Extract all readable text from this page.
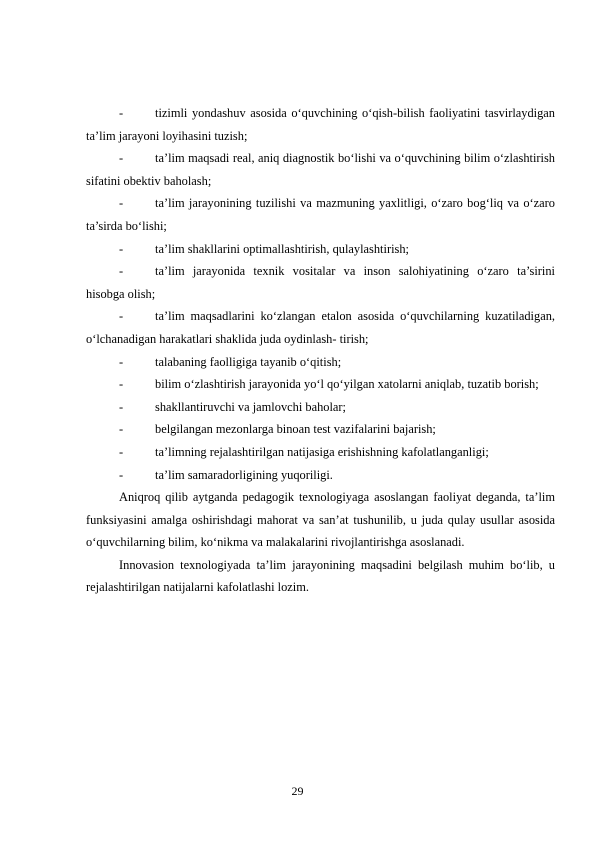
-	tizimli yondashuv asosida o‘quvchining o‘qish-bilish faoliyatini tasvirlaydigan ta’lim jarayoni loyihasini tuzish;

-	ta’lim maqsadi real, aniq diagnostik bo‘lishi va o‘quvchining bilim o‘zlashtirish sifatini obektiv baholash;

-	ta’lim jarayonining tuzilishi va mazmuning yaxlitligi, o‘zaro bog‘liq va o‘zaro ta’sirda bo‘lishi;

-	ta’lim shakllarini optimallashtirish, qulaylashtirish;

-	ta’lim jarayonida texnik vositalar va inson salohiyatining o‘zaro ta’sirini hisobga olish;

-	ta’lim maqsadlarini ko‘zlangan etalon asosida o‘quvchilarning kuzatiladigan, o‘lchanadigan harakatlari shaklida juda oydinlash- tirish;

-	talabaning faolligiga tayanib o‘qitish;

-	bilim o‘zlashtirish jarayonida yo‘l qo‘yilgan xatolarni aniqlab, tuzatib borish;

-	shakllantiruvchi va jamlovchi baholar;

-	belgilangan mezonlarga binoan test vazifalarini bajarish;

-	ta’limning rejalashtirilgan natijasiga erishishning kafolatlanganligi;

-	ta’lim samaradorligining yuqoriligi.

Aniqroq qilib aytganda pedagogik texnologiyaga asoslangan faoliyat deganda, ta’lim funksiyasini amalga oshirishdagi mahorat va san’at tushunilib, u juda qulay usullar asosida o‘quvchilarning bilim, ko‘nikma va malakalarini rivojlantirishga asoslanadi.

Innovasion texnologiyada ta’lim jarayonining maqsadini belgilash muhim bo‘lib, u rejalashtirilgan natijalarni kafolatlashi lozim.

29
